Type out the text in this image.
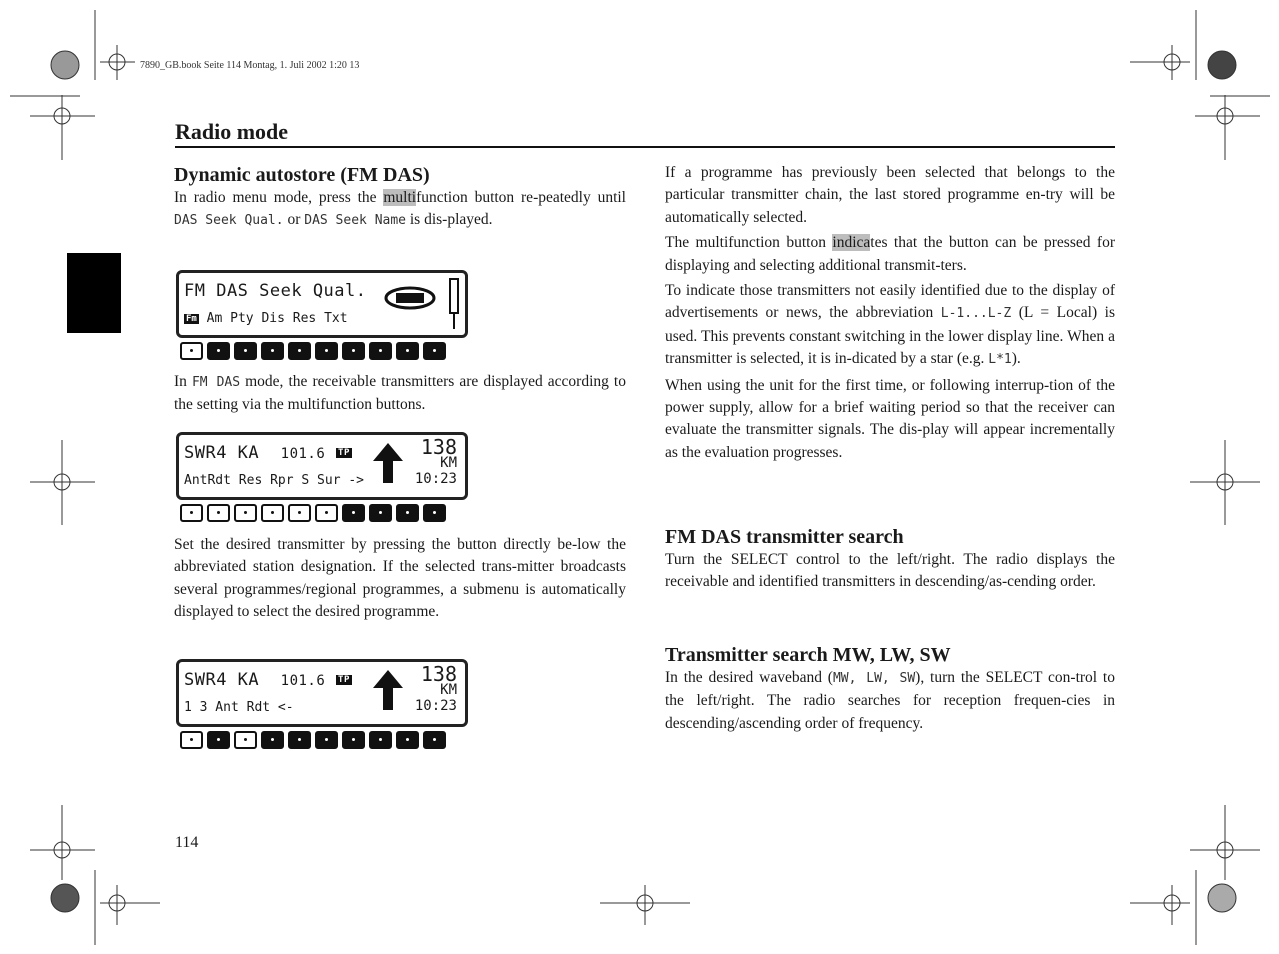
7890_GB.book Seite 114 Montag, 1. Juli 2002 1:20 13
Radio mode
Dynamic autostore (FM DAS)

In radio menu mode, press the multifunction button re-peatedly until DAS Seek Qual. or DAS Seek Name is dis-played.

FM DAS Seek Qual.
Fm Am Pty Dis Res Txt

In FM DAS mode, the receivable transmitters are displayed according to the setting via the multifunction buttons.

SWR4 KA 101.6 TP	138
KM
10:23
AntRdt Res Rpr S Sur ->

Set the desired transmitter by pressing the button directly be-low the abbreviated station designation. If the selected trans-mitter broadcasts several programmes/regional programmes, a submenu is automatically displayed to select the desired programme.

SWR4 KA 101.6 TP	138
KM
10:23
1 3 Ant Rdt <-

If a programme has previously been selected that belongs to the particular transmitter chain, the last stored programme en-try will be automatically selected.

The multifunction button indicates that the button can be pressed for displaying and selecting additional transmit-ters.

To indicate those transmitters not easily identified due to the display of advertisements or news, the abbreviation L-1...L-Z (L = Local) is used. This prevents constant switching in the lower display line. When a transmitter is selected, it is in-dicated by a star (e.g. L*1).

When using the unit for the first time, or following interrup-tion of the power supply, allow for a brief waiting period so that the receiver can evaluate the transmitter signals. The dis-play will appear incrementally as the evaluation progresses.

FM DAS transmitter search

Turn the SELECT control to the left/right. The radio displays the receivable and identified transmitters in descending/as-cending order.

Transmitter search MW, LW, SW

In the desired waveband (MW, LW, SW), turn the SELECT con-trol to the left/right. The radio searches for reception frequen-cies in descending/ascending order of frequency.

114
